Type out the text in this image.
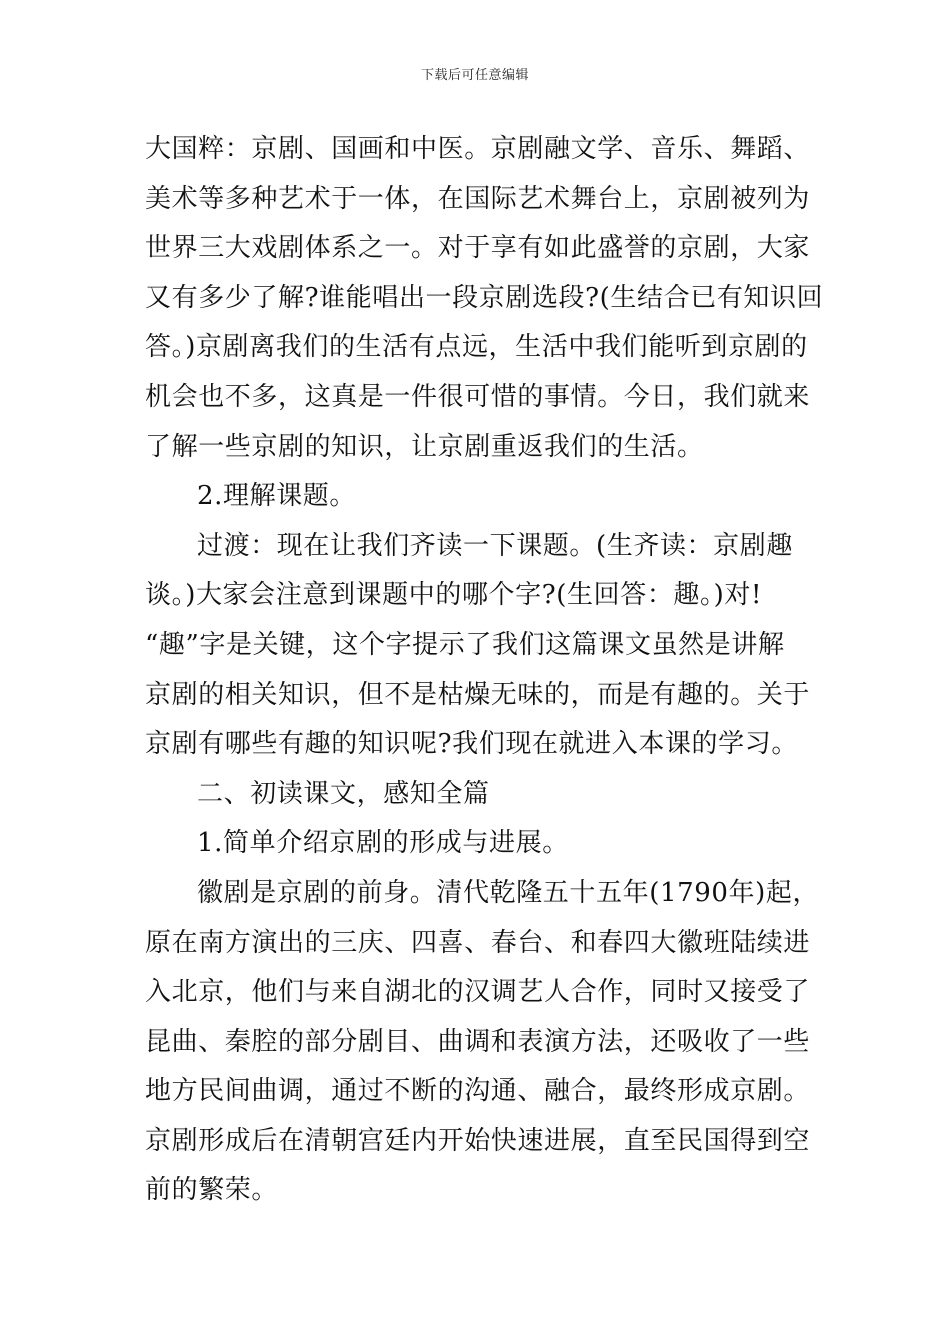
下载后可任意编辑
大国粹：京剧、国画和中医。京剧融文学、音乐、舞蹈、
美术等多种艺术于一体，在国际艺术舞台上，京剧被列为
世界三大戏剧体系之一。对于享有如此盛誉的京剧，大家
又有多少了解?谁能唱出一段京剧选段?(生结合已有知识回
答。)京剧离我们的生活有点远，生活中我们能听到京剧的
机会也不多，这真是一件很可惜的事情。今日，我们就来
了解一些京剧的知识，让京剧重返我们的生活。
2.理解课题。
过渡：现在让我们齐读一下课题。(生齐读：京剧趣
谈。)大家会注意到课题中的哪个字?(生回答：趣。)对!
“趣”字是关键，这个字提示了我们这篇课文虽然是讲解
京剧的相关知识，但不是枯燥无味的，而是有趣的。关于
京剧有哪些有趣的知识呢?我们现在就进入本课的学习。
二、初读课文，感知全篇
1.简单介绍京剧的形成与进展。
徽剧是京剧的前身。清代乾隆五十五年(1790年)起，
原在南方演出的三庆、四喜、春台、和春四大徽班陆续进
入北京，他们与来自湖北的汉调艺人合作，同时又接受了
昆曲、秦腔的部分剧目、曲调和表演方法，还吸收了一些
地方民间曲调，通过不断的沟通、融合，最终形成京剧。
京剧形成后在清朝宫廷内开始快速进展，直至民国得到空
前的繁荣。
